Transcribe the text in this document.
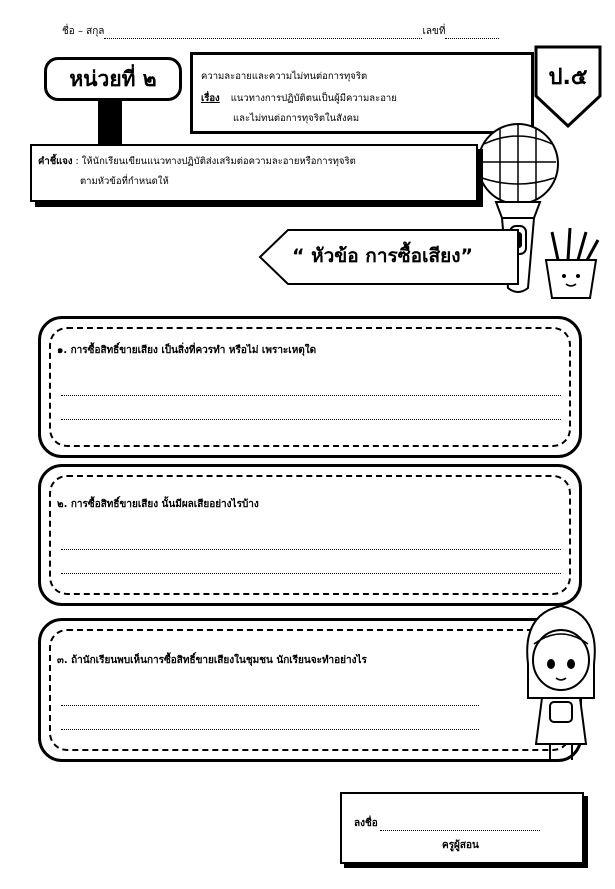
ชื่อ – สกุล	เลขที่
หน่วยที่ ๒	ความละอายและความไม่ทนต่อการทุจริต
เรื่อง แนวทางการปฏิบัติตนเป็นผู้มีความละอาย
และไม่ทนต่อการทุจริตในสังคม
ป.๕
คำชี้แจง : ให้นักเรียนเขียนแนวทางปฏิบัติส่งเสริมต่อความละอายหรือการทุจริต
ตามหัวข้อที่กำหนดให้
“ หัวข้อ การซื้อเสียง”
๑. การซื้อสิทธิ์ขายเสียง เป็นสิ่งที่ควรทำ หรือไม่ เพราะเหตุใด
๒. การซื้อสิทธิ์ขายเสียง นั้นมีผลเสียอย่างไรบ้าง
๓. ถ้านักเรียนพบเห็นการซื้อสิทธิ์ขายเสียงในชุมชน นักเรียนจะทำอย่างไร
ลงชื่อ
ครูผู้สอน
